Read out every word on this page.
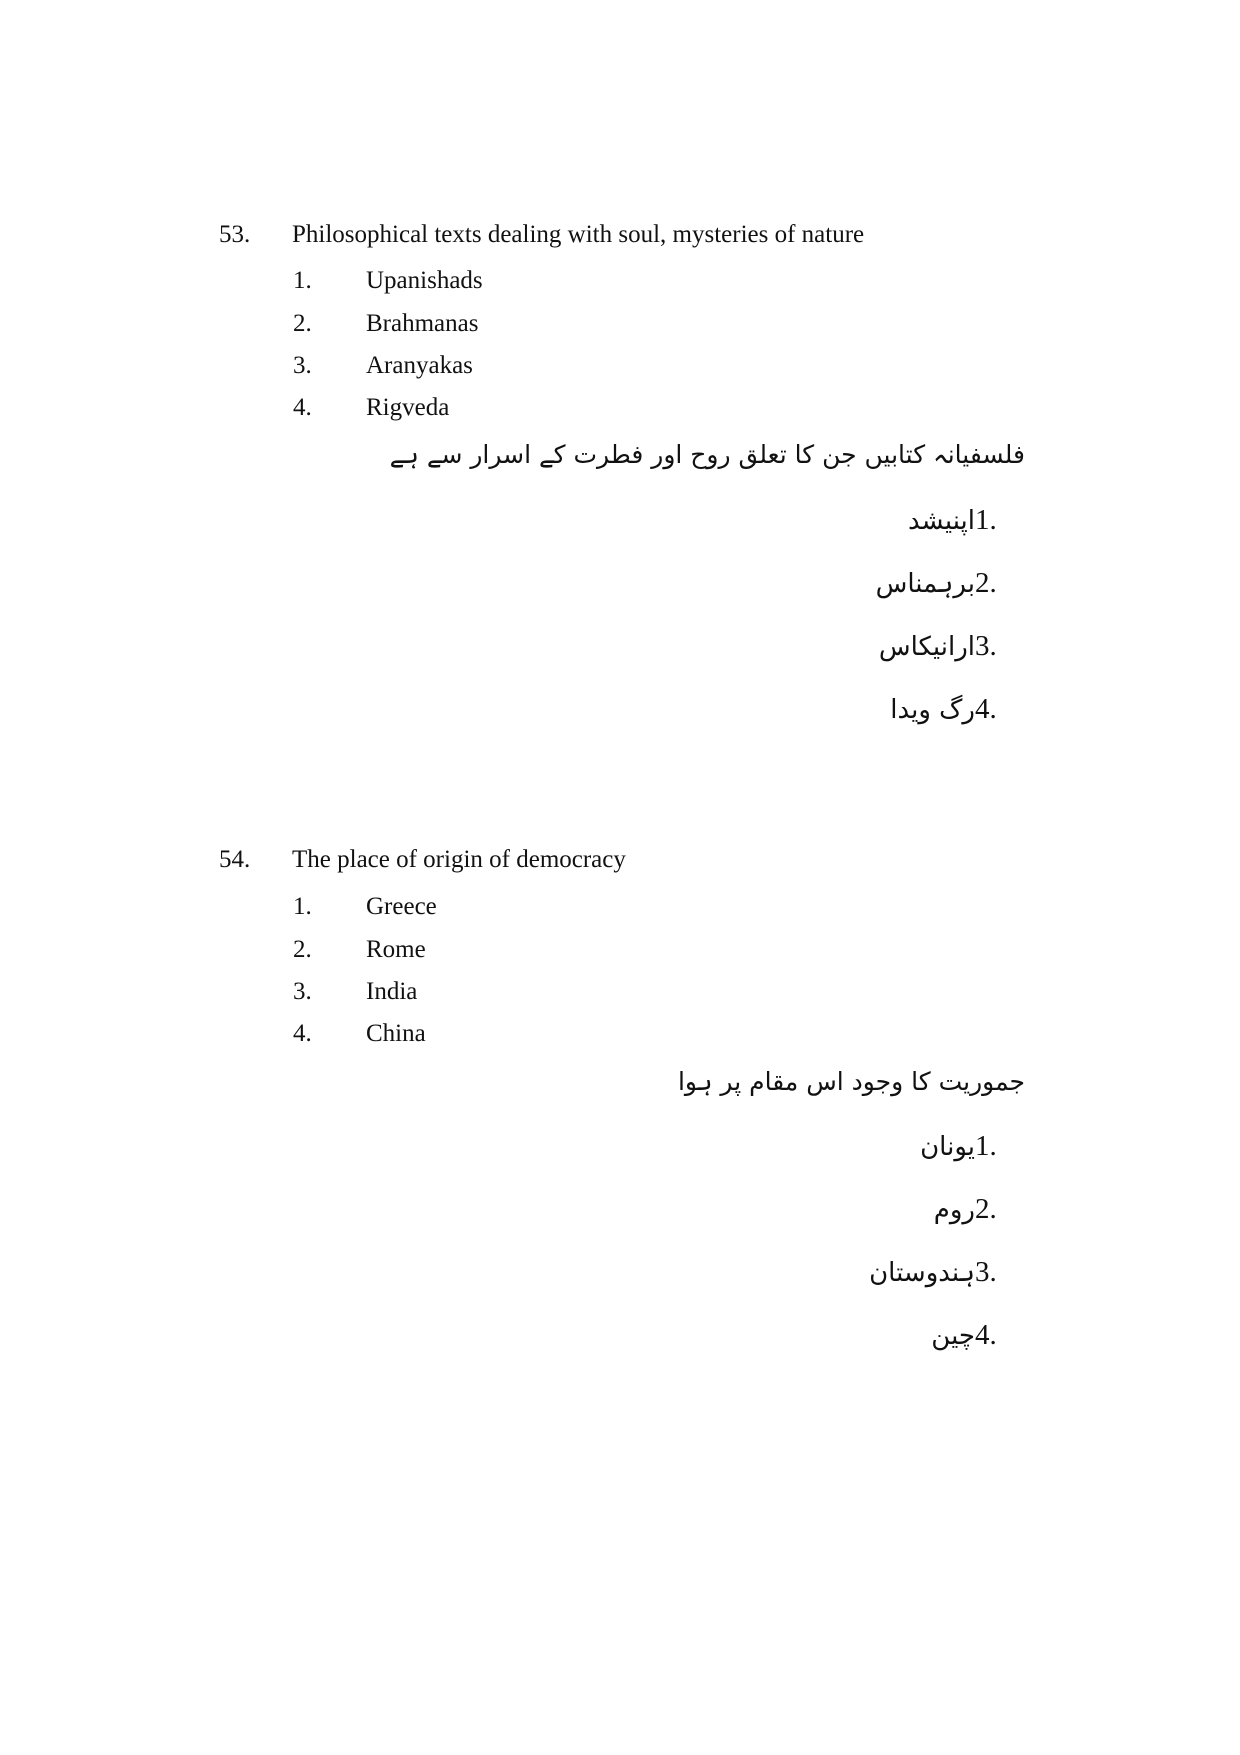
53. Philosophical texts dealing with soul, mysteries of nature
1. Upanishads
2. Brahmanas
3. Aranyakas
4. Rigveda
فلسفیانہ کتابیں جن کا تعلق روح اور فطرت کے اسرار سے ہے
1.اپنیشد
2.برہمناس
3.ارانیکاس
4.رگ ویدا
54. The place of origin of democracy
1. Greece
2. Rome
3. India
4. China
جموریت کا وجود اس مقام پر ہوا
1.یونان
2.روم
3.ہندوستان
4.چین
